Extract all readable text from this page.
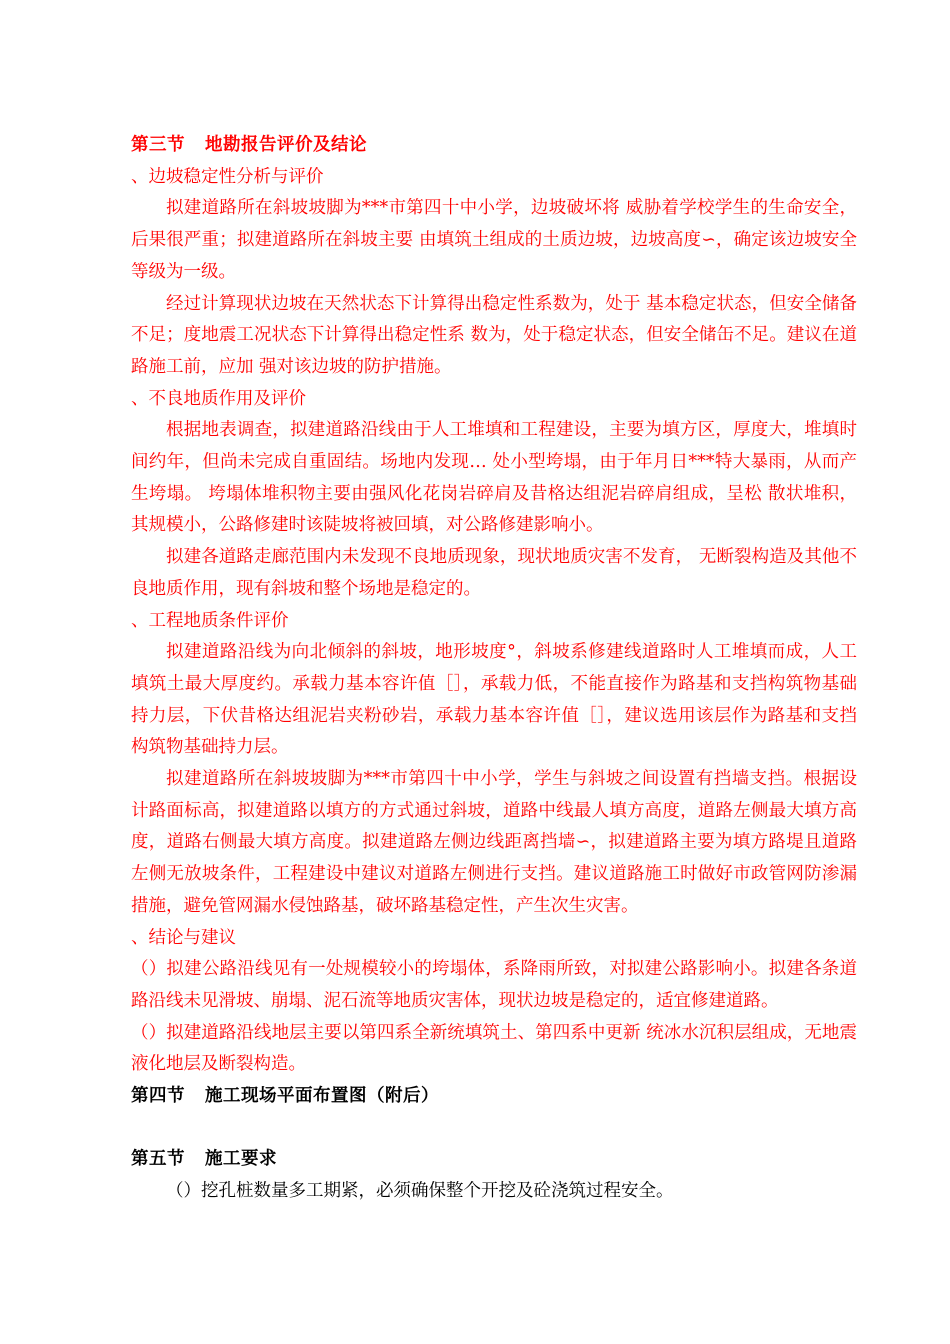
第三节 地勘报告评价及结论
、边坡稳定性分析与评价
拟建道路所在斜坡坡脚为***市第四十中小学，边坡破坏将 威胁着学校学生的生命安全，后果很严重；拟建道路所在斜坡主要 由填筑土组成的土质边坡，边坡高度∽，确定该边坡安全等级为一级。
经过计算现状边坡在天然状态下计算得出稳定性系数为，处于 基本稳定状态，但安全储备不足；度地震工况状态下计算得出稳定性系 数为，处于稳定状态，但安全储缶不足。建议在道路施工前，应加 强对该边坡的防护措施。
、不良地质作用及评价
根据地表调查，拟建道路沿线由于人工堆填和工程建设，主要为填方区，厚度大，堆填时间约年，但尚未完成自重固结。场地内发现… 处小型垮塌，由于年月日***特大暴雨，从而产生垮塌。 垮塌体堆积物主要由强风化花岗岩碎肩及昔格达组泥岩碎肩组成，呈松 散状堆积，其规模小，公路修建时该陡坡将被回填，对公路修建影响小。
拟建各道路走廊范围内未发现不良地质现象，现状地质灾害不发育， 无断裂构造及其他不良地质作用，现有斜坡和整个场地是稳定的。
、工程地质条件评价
拟建道路沿线为向北倾斜的斜坡，地形坡度°，斜坡系修建线道路时人工堆填而成，人工填筑土最大厚度约。承载力基本容许值［］，承载力低，不能直接作为路基和支挡构筑物基础持力层，下伏昔格达组泥岩夹粉砂岩，承载力基本容许值［］，建议选用该层作为路基和支挡构筑物基础持力层。
拟建道路所在斜坡坡脚为***市第四十中小学，学生与斜坡之间设置有挡墙支挡。根据设计路面标高，拟建道路以填方的方式通过斜坡，道路中线最人填方高度，道路左侧最大填方高度，道路右侧最大填方高度。拟建道路左侧边线距离挡墙∽，拟建道路主要为填方路堤且道路左侧无放坡条件，工程建设中建议对道路左侧进行支挡。建议道路施工时做好市政管网防渗漏措施，避免管网漏水侵蚀路基，破坏路基稳定性，产生次生灾害。
、结论与建议
（）拟建公路沿线见有一处规模较小的垮塌体，系降雨所致，对拟建公路影响小。拟建各条道路沿线未见滑坡、崩塌、泥石流等地质灾害体，现状边坡是稳定的，适宜修建道路。
（）拟建道路沿线地层主要以第四系全新统填筑土、第四系中更新 统冰水沉积层组成，无地震液化地层及断裂构造。
第四节 施工现场平面布置图（附后）
第五节 施工要求
（）挖孔桩数量多工期紧，必须确保整个开挖及砼浇筑过程安全。
